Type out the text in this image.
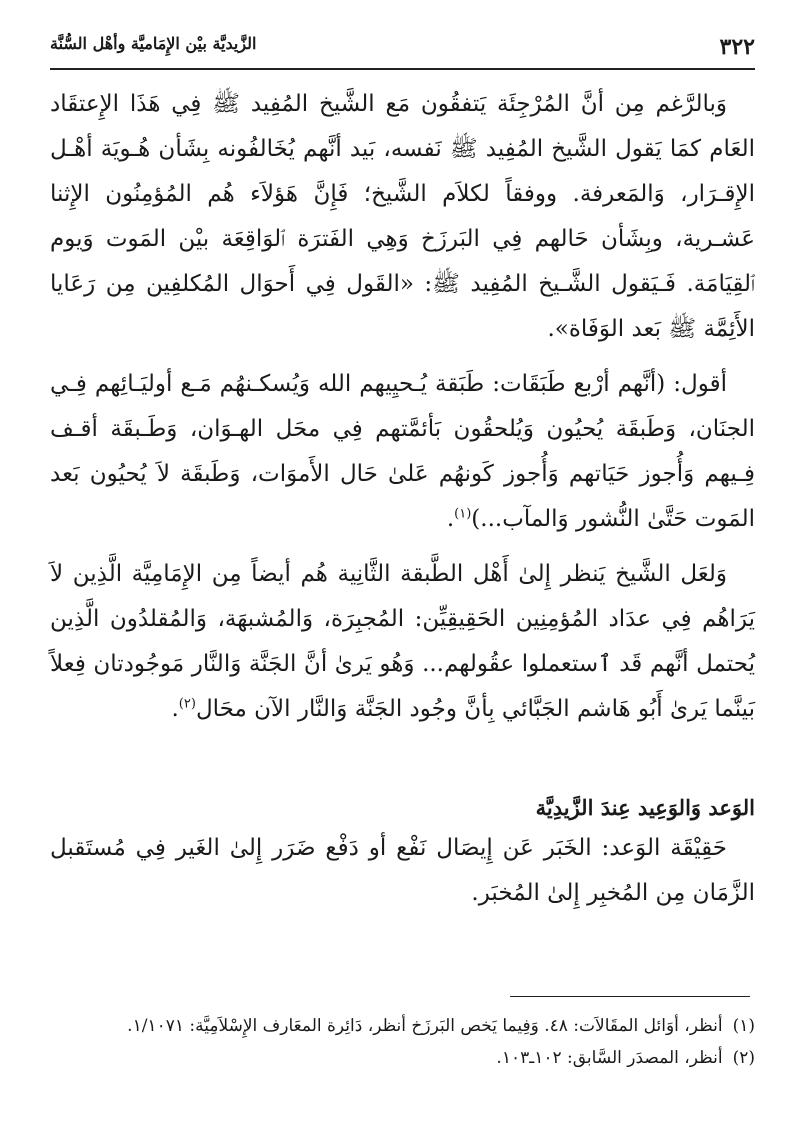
٣٢٢
الزَّيديَّة بيْن الإِمَاميَّة وأهْل السُّنَّة

وَبالرَّغم مِن أنَّ المُرْجِئَة يَتفقُون مَع الشَّيخ المُفِيد ﷺ فِي هَذَا الإِعتقَاد العَام كمَا يَقول الشَّيخ المُفِيد ﷺ نَفسه، بَيد أنَّهم يُخَالفُونه بِشَأن هُـويَة أهْـل الإِقـرَار، وَالمَعرفة. ووفقاً لكلاَم الشَّيخ؛ فَإِنَّ هَؤلاَء هُم المُؤمِنُون الإِثنا عَشـرية، وبِشَأن حَالهم فِي البَرزَخ وَهِي الفَترَة ٱلوَاقِعَة بيْن المَوت وَيوم ٱلقِيَامَة. فَـيَقول الشَّـيخ المُفِيد ﷺ: «القَول فِي أَحوَال المُكلفِين مِن رَعَايا الأَئِمَّة ﷺ بَعد الوَفَاة».

أقول: (أنَّهم أرْبع طَبَقَات: طَبَقة يُـحيِيهم الله وَيُسكـنهُم مَـع أوليَـائِهم فِـي الجنَان، وَطَبقَة يُحيُون وَيُلحقُون بَأئمَّتهم فِي محَل الهـوَان، وَطَـبقَة أقـف فِـيهم وَأُجوز حَيَاتهم وَأُجوز كَونهُم عَلىٰ حَال الأَموَات، وَطَبقَة لاَ يُحيُون بَعد المَوت حَتَّىٰ النُّشور وَالمآب...)$^{(١)}$.

وَلعَل الشَّيخ يَنظر إِلىٰ أَهْل الطَّبقة الثَّانِية هُم أيضاً مِن الإِمَامِيَّة الَّذِين لاَ يَرَاهُم فِي عدَاد المُؤمِنِين الحَقِيقِيِّن: المُجبِرَة، وَالمُشبهَة، وَالمُقلدُون الَّذِين يُحتمل أنَّهم قَد ٱستعملوا عقُولهم... وَهُو يَرىٰ أنَّ الجَنَّة وَالنَّار مَوجُودتان فِعلاً بَينَّما يَرىٰ أَبُو هَاشم الجَبَّائي بِأنَّ وجُود الجَنَّة وَالنَّار الآن محَال$^{(٢)}$.

الوَعد وَالوَعِيد عِندَ الزَّيدِيَّة

حَقِيْقَة الوَعد: الخَبَر عَن إِيصَال نَفْع أو دَفْع ضَرَر إِلىٰ الغَير فِي مُستَقبل الزَّمَان مِن المُخبِر إِلىٰ المُخبَر.

(١)أنظر، أوَائل المقَالاَت: ٤٨. وَفِيما يَخص البَرزَخ أنظر، دَائِرة المعَارف الإِسْلاَمِيَّة: ١/١٠٧١.

(٢)أنظر، المصدَر السَّابق: ١٠٢ـ١٠٣.
